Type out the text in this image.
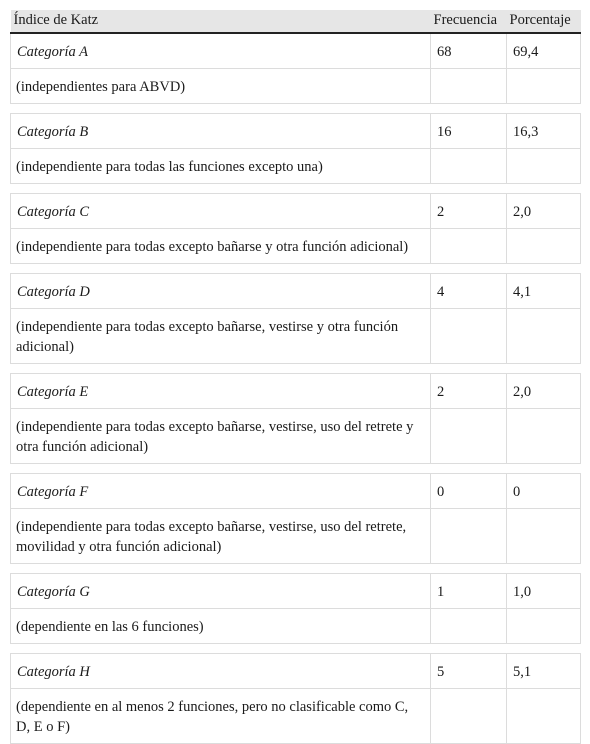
Índice de Katz	Frecuencia	Porcentaje
Categoría A	68	69,4
(independientes para ABVD)		

Categoría B	16	16,3
(independiente para todas las funciones excepto una)		

Categoría C	2	2,0
(independiente para todas excepto bañarse y otra función adicional)		

Categoría D	4	4,1
(independiente para todas excepto bañarse, vestirse y otra función adicional)		

Categoría E	2	2,0
(independiente para todas excepto bañarse, vestirse, uso del retrete y otra función adicional)		

Categoría F	0	0
(independiente para todas excepto bañarse, vestirse, uso del retrete, movilidad y otra función adicional)		

Categoría G	1	1,0
(dependiente en las 6 funciones)		

Categoría H	5	5,1
(dependiente en al menos 2 funciones, pero no clasificable como C, D, E o F)		
